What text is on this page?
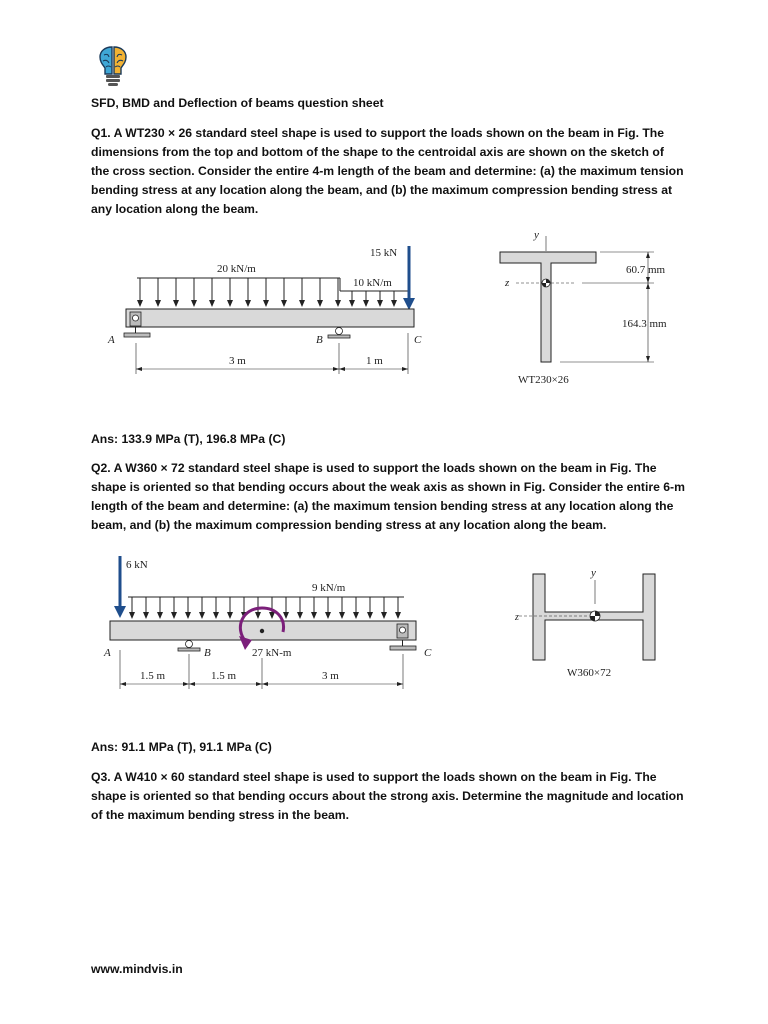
SFD, BMD and Deflection of beams question sheet

Q1. A WT230 × 26 standard steel shape is used to support the loads shown on the beam in Fig. The dimensions from the top and bottom of the shape to the centroidal axis are shown on the sketch of the cross section. Consider the entire 4-m length of the beam and determine: (a) the maximum tension bending stress at any location along the beam, and (b) the maximum compression bending stress at any location along the beam.

15 kN
20 kN/m
10 kN/m
A	B	C
3 m	1 m
y
z
60.7 mm
164.3 mm
WT230×26
Ans: 133.9 MPa (T), 196.8 MPa (C)

Q2. A W360 × 72 standard steel shape is used to support the loads shown on the beam in Fig. The shape is oriented so that bending occurs about the weak axis as shown in Fig. Consider the entire 6-m length of the beam and determine: (a) the maximum tension bending stress at any location along the beam, and (b) the maximum compression bending stress at any location along the beam.

6 kN
9 kN/m
27 kN-m
A	B	C
1.5 m	1.5 m	3 m
y
z
W360×72
Ans: 91.1 MPa (T), 91.1 MPa (C)

Q3. A W410 × 60 standard steel shape is used to support the loads shown on the beam in Fig. The shape is oriented so that bending occurs about the strong axis. Determine the magnitude and location of the maximum bending stress in the beam.

www.mindvis.in
